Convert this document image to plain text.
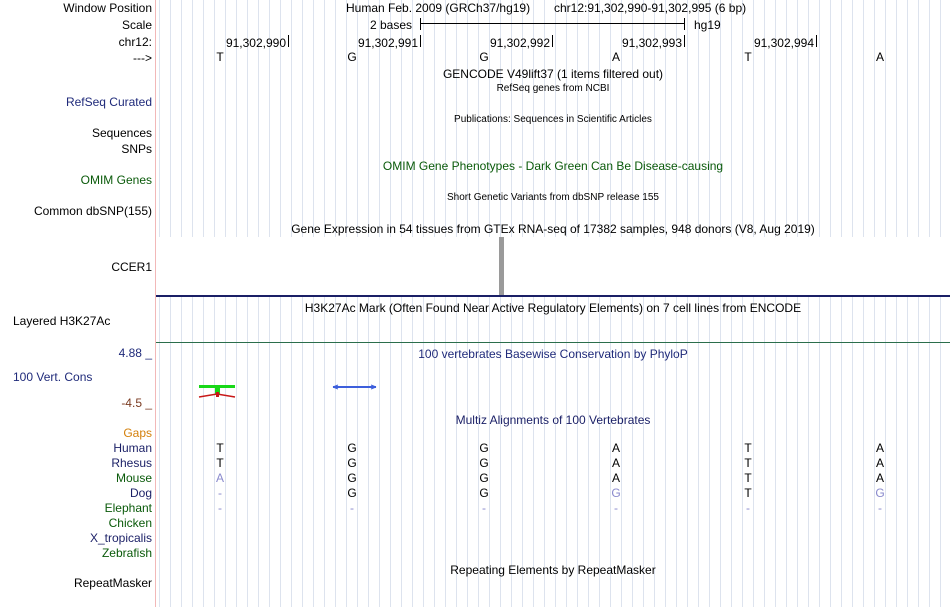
Window Position
Scale
chr12:
--->
RefSeq Curated
Sequences
SNPs
OMIM Genes
Common dbSNP(155)
CCER1
Layered H3K27Ac
4.88 _
100 Vert. Cons
-4.5 _
Gaps
RepeatMasker
Human Feb. 2009 (GRCh37/hg19) chr12:91,302,990-91,302,995 (6 bp)
2 bases	hg19
91,302,990	91,302,991	91,302,992	91,302,993	91,302,994
T	G	G	A	T	A
GENCODE V49lift37 (1 items filtered out)
RefSeq genes from NCBI
Publications: Sequences in Scientific Articles
OMIM Gene Phenotypes - Dark Green Can Be Disease-causing
Short Genetic Variants from dbSNP release 155
Gene Expression in 54 tissues from GTEx RNA-seq of 17382 samples, 948 donors (V8, Aug 2019)
H3K27Ac Mark (Often Found Near Active Regulatory Elements) on 7 cell lines from ENCODE
100 vertebrates Basewise Conservation by PhyloP
Multiz Alignments of 100 Vertebrates
Human	T	G	G	A	T	A
Rhesus	T	G	G	A	T	A
Mouse	A	G	G	A	T	A
Dog	-	G	G	G	T	G
Elephant	-	-	-	-	-	-
Chicken
X_tropicalis
Zebrafish
Repeating Elements by RepeatMasker
